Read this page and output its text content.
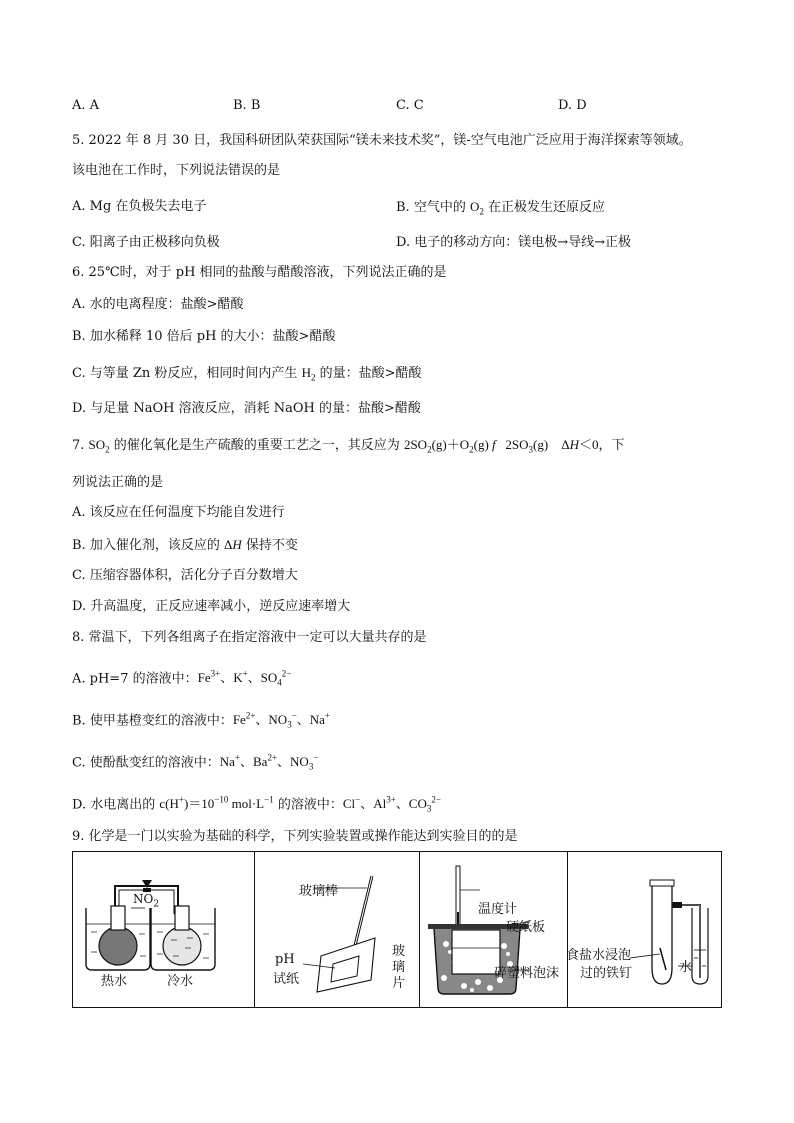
A. A	B. B	C. C	D. D
5. 2022 年 8 月 30 日，我国科研团队荣获国际“镁未来技术奖”，镁-空气电池广泛应用于海洋探索等领域。
该电池在工作时，下列说法错误的是
A. Mg 在负极失去电子	B. 空气中的 $O_2$ 在正极发生还原反应
C. 阳离子由正极移向负极	D. 电子的移动方向：镁电极→导线→正极
6. 25℃时，对于 pH 相同的盐酸与醋酸溶液，下列说法正确的是
A. 水的电离程度：盐酸>醋酸
B. 加水稀释 10 倍后 pH 的大小：盐酸>醋酸
C. 与等量 Zn 粉反应，相同时间内产生 $H_2$ 的量：盐酸>醋酸
D. 与足量 NaOH 溶液反应，消耗 NaOH 的量：盐酸>醋酸
7. $SO_2$ 的催化氧化是生产硫酸的重要工艺之一，其反应为 $2SO_2(g)+O_2(g)$ f   $2SO_3(g)$    ΔH＜0，下
列说法正确的是
A. 该反应在任何温度下均能自发进行
B. 加入催化剂，该反应的 ΔH 保持不变
C. 压缩容器体积，活化分子百分数增大
D. 升高温度，正反应速率减小，逆反应速率增大
8. 常温下，下列各组离子在指定溶液中一定可以大量共存的是
A. pH=7 的溶液中：$Fe^{3+}$、K+、$SO_4^{2-}$
B. 使甲基橙变红的溶液中：$Fe^{2+}$、$NO_3^-$、Na+
C. 使酚酞变红的溶液中：Na+、$Ba^{2+}$、$NO_3^-$
D. 水电离出的 $c(H^+)=10^{-10}$ $mol\cdot L^{-1}$ 的溶液中：Cl−、$Al^{3+}$、$CO_3^{2-}$
9. 化学是一门以实验为基础的科学，下列实验装置或操作能达到实验目的的是
$NO_2$
热水	冷水
玻璃棒
pH
试纸
玻
璃
片
温度计
硬纸板
碎塑料泡沫
食盐水浸泡
过的铁钉	水
